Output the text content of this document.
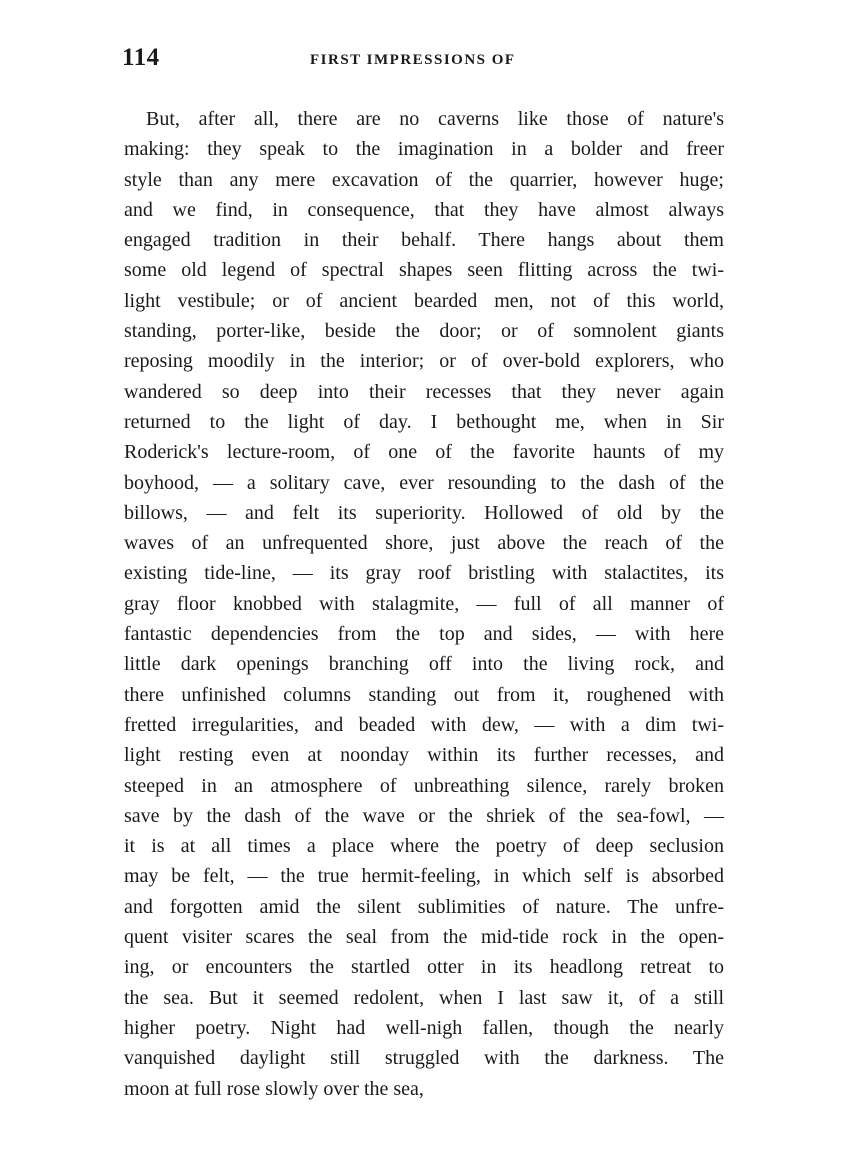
114	FIRST IMPRESSIONS OF
But, after all, there are no caverns like those of nature's
making: they speak to the imagination in a bolder and freer
style than any mere excavation of the quarrier, however huge;
and we find, in consequence, that they have almost always
engaged tradition in their behalf. There hangs about them
some old legend of spectral shapes seen flitting across the twi-
light vestibule; or of ancient bearded men, not of this world,
standing, porter-like, beside the door; or of somnolent giants
reposing moodily in the interior; or of over-bold explorers, who
wandered so deep into their recesses that they never again
returned to the light of day. I bethought me, when in Sir
Roderick's lecture-room, of one of the favorite haunts of my
boyhood, — a solitary cave, ever resounding to the dash of the
billows, — and felt its superiority. Hollowed of old by the
waves of an unfrequented shore, just above the reach of the
existing tide-line, — its gray roof bristling with stalactites, its
gray floor knobbed with stalagmite, — full of all manner of
fantastic dependencies from the top and sides, — with here
little dark openings branching off into the living rock, and
there unfinished columns standing out from it, roughened with
fretted irregularities, and beaded with dew, — with a dim twi-
light resting even at noonday within its further recesses, and
steeped in an atmosphere of unbreathing silence, rarely broken
save by the dash of the wave or the shriek of the sea-fowl, —
it is at all times a place where the poetry of deep seclusion
may be felt, — the true hermit-feeling, in which self is absorbed
and forgotten amid the silent sublimities of nature. The unfre-
quent visiter scares the seal from the mid-tide rock in the open-
ing, or encounters the startled otter in its headlong retreat to
the sea. But it seemed redolent, when I last saw it, of a still
higher poetry. Night had well-nigh fallen, though the nearly
vanquished daylight still struggled with the darkness. The
moon at full rose slowly over the sea,
